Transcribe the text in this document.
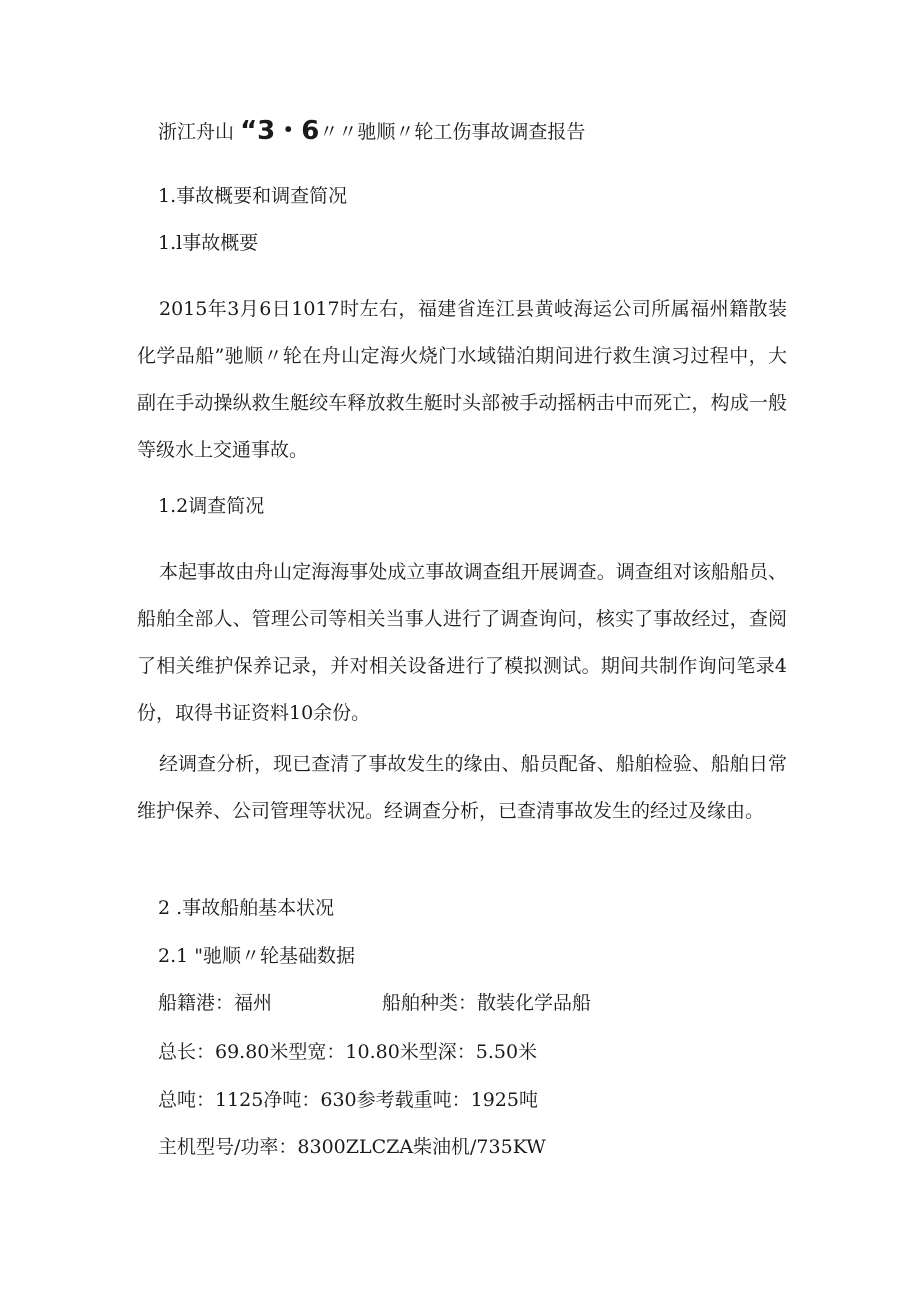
浙江舟山 “3・6〃〃驰顺〃轮工伤事故调查报告
1.事故概要和调查简况
1.l事故概要
2015年3月6日1017时左右，福建省连江县黄岐海运公司所属福州籍散装化学品船”驰顺〃轮在舟山定海火烧门水域锚泊期间进行救生演习过程中，大副在手动操纵救生艇绞车释放救生艇时头部被手动摇柄击中而死亡，构成一般等级水上交通事故。
1.2调查简况
本起事故由舟山定海海事处成立事故调查组开展调查。调查组对该船船员、船舶全部人、管理公司等相关当事人进行了调查询问，核实了事故经过，查阅了相关维护保养记录，并对相关设备进行了模拟测试。期间共制作询问笔录4份，取得书证资料10余份。
经调查分析，现已查清了事故发生的缘由、船员配备、船舶检验、船舶日常维护保养、公司管理等状况。经调查分析，已查清事故发生的经过及缘由。
2 .事故船舶基本状况
2.1 "驰顺〃轮基础数据
船籍港：福州	船舶种类：散装化学品船
总长：69.80米型宽：10.80米型深：5.50米
总吨：1125净吨：630参考载重吨：1925吨
主机型号/功率：8300ZLCZA柴油机/735KW
